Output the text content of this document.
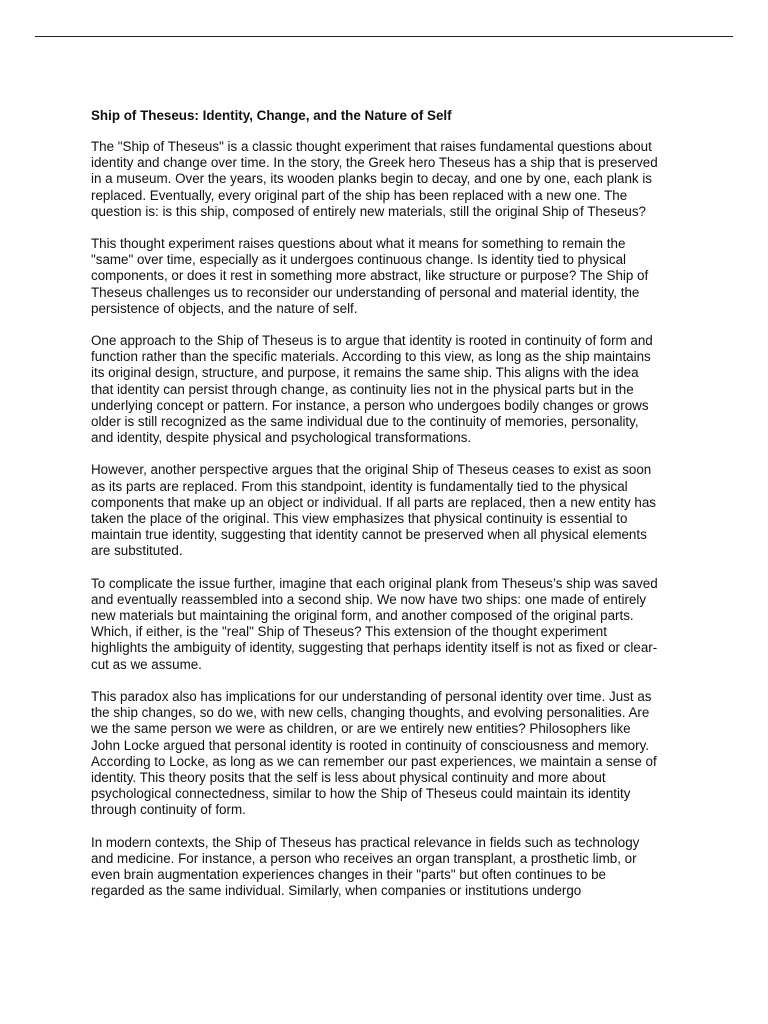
Ship of Theseus: Identity, Change, and the Nature of Self

The "Ship of Theseus" is a classic thought experiment that raises fundamental questions about
identity and change over time. In the story, the Greek hero Theseus has a ship that is preserved
in a museum. Over the years, its wooden planks begin to decay, and one by one, each plank is
replaced. Eventually, every original part of the ship has been replaced with a new one. The
question is: is this ship, composed of entirely new materials, still the original Ship of Theseus?

This thought experiment raises questions about what it means for something to remain the
"same" over time, especially as it undergoes continuous change. Is identity tied to physical
components, or does it rest in something more abstract, like structure or purpose? The Ship of
Theseus challenges us to reconsider our understanding of personal and material identity, the
persistence of objects, and the nature of self.

One approach to the Ship of Theseus is to argue that identity is rooted in continuity of form and
function rather than the specific materials. According to this view, as long as the ship maintains
its original design, structure, and purpose, it remains the same ship. This aligns with the idea
that identity can persist through change, as continuity lies not in the physical parts but in the
underlying concept or pattern. For instance, a person who undergoes bodily changes or grows
older is still recognized as the same individual due to the continuity of memories, personality,
and identity, despite physical and psychological transformations.

However, another perspective argues that the original Ship of Theseus ceases to exist as soon
as its parts are replaced. From this standpoint, identity is fundamentally tied to the physical
components that make up an object or individual. If all parts are replaced, then a new entity has
taken the place of the original. This view emphasizes that physical continuity is essential to
maintain true identity, suggesting that identity cannot be preserved when all physical elements
are substituted.

To complicate the issue further, imagine that each original plank from Theseus’s ship was saved
and eventually reassembled into a second ship. We now have two ships: one made of entirely
new materials but maintaining the original form, and another composed of the original parts.
Which, if either, is the "real" Ship of Theseus? This extension of the thought experiment
highlights the ambiguity of identity, suggesting that perhaps identity itself is not as fixed or clear-
cut as we assume.

This paradox also has implications for our understanding of personal identity over time. Just as
the ship changes, so do we, with new cells, changing thoughts, and evolving personalities. Are
we the same person we were as children, or are we entirely new entities? Philosophers like
John Locke argued that personal identity is rooted in continuity of consciousness and memory.
According to Locke, as long as we can remember our past experiences, we maintain a sense of
identity. This theory posits that the self is less about physical continuity and more about
psychological connectedness, similar to how the Ship of Theseus could maintain its identity
through continuity of form.

In modern contexts, the Ship of Theseus has practical relevance in fields such as technology
and medicine. For instance, a person who receives an organ transplant, a prosthetic limb, or
even brain augmentation experiences changes in their "parts" but often continues to be
regarded as the same individual. Similarly, when companies or institutions undergo
